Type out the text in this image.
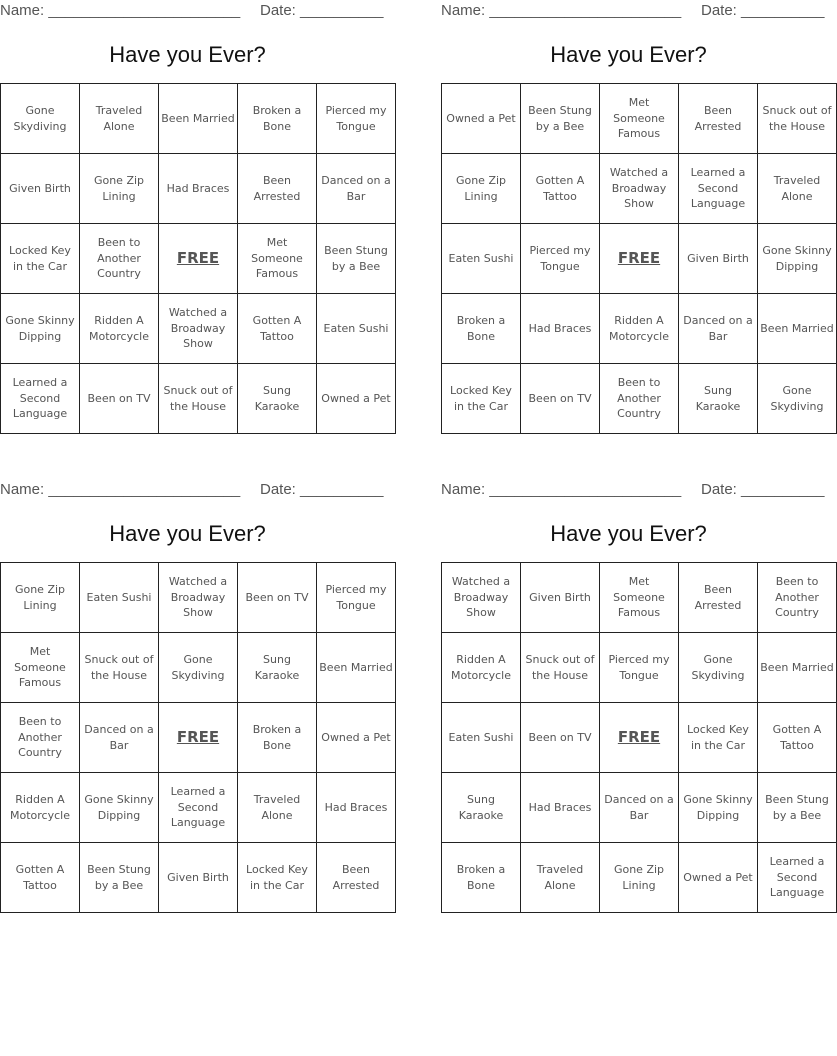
Name: _______________________ Date: __________
Have you Ever?
Gone Skydiving	Traveled Alone	Been Married	Broken a Bone	Pierced my Tongue
Given Birth	Gone Zip Lining	Had Braces	Been Arrested	Danced on a Bar
Locked Key in the Car	Been to Another Country	FREE	Met Someone Famous	Been Stung by a Bee
Gone Skinny Dipping	Ridden A Motorcycle	Watched a Broadway Show	Gotten A Tattoo	Eaten Sushi
Learned a Second Language	Been on TV	Snuck out of the House	Sung Karaoke	Owned a Pet
Name: _______________________ Date: __________
Have you Ever?
Owned a Pet	Been Stung by a Bee	Met Someone Famous	Been Arrested	Snuck out of the House
Gone Zip Lining	Gotten A Tattoo	Watched a Broadway Show	Learned a Second Language	Traveled Alone
Eaten Sushi	Pierced my Tongue	FREE	Given Birth	Gone Skinny Dipping
Broken a Bone	Had Braces	Ridden A Motorcycle	Danced on a Bar	Been Married
Locked Key in the Car	Been on TV	Been to Another Country	Sung Karaoke	Gone Skydiving
Name: _______________________ Date: __________
Have you Ever?
Gone Zip Lining	Eaten Sushi	Watched a Broadway Show	Been on TV	Pierced my Tongue
Met Someone Famous	Snuck out of the House	Gone Skydiving	Sung Karaoke	Been Married
Been to Another Country	Danced on a Bar	FREE	Broken a Bone	Owned a Pet
Ridden A Motorcycle	Gone Skinny Dipping	Learned a Second Language	Traveled Alone	Had Braces
Gotten A Tattoo	Been Stung by a Bee	Given Birth	Locked Key in the Car	Been Arrested
Name: _______________________ Date: __________
Have you Ever?
Watched a Broadway Show	Given Birth	Met Someone Famous	Been Arrested	Been to Another Country
Ridden A Motorcycle	Snuck out of the House	Pierced my Tongue	Gone Skydiving	Been Married
Eaten Sushi	Been on TV	FREE	Locked Key in the Car	Gotten A Tattoo
Sung Karaoke	Had Braces	Danced on a Bar	Gone Skinny Dipping	Been Stung by a Bee
Broken a Bone	Traveled Alone	Gone Zip Lining	Owned a Pet	Learned a Second Language
